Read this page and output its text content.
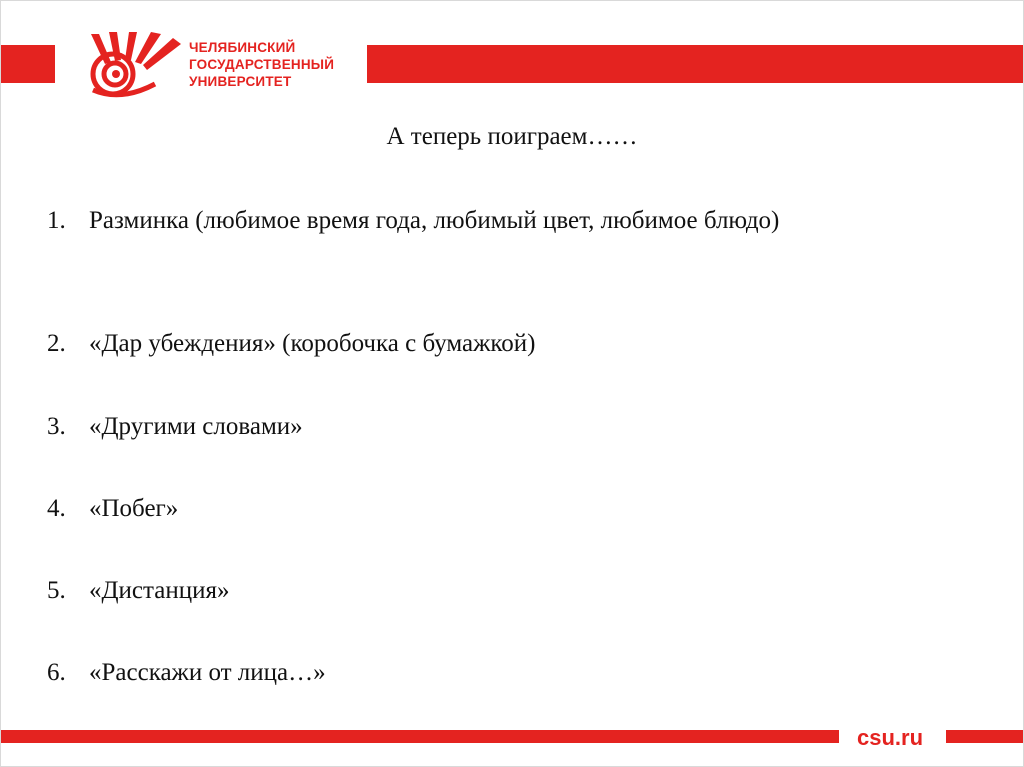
ЧЕЛЯБИНСКИЙ
ГОСУДАРСТВЕННЫЙ
УНИВЕРСИТЕТ
А теперь поиграем……
1. Разминка (любимое время года, любимый цвет, любимое блюдо)
2. «Дар убеждения» (коробочка с бумажкой)
3. «Другими словами»
4. «Побег»
5. «Дистанция»
6. «Расскажи от лица…»
csu.ru
